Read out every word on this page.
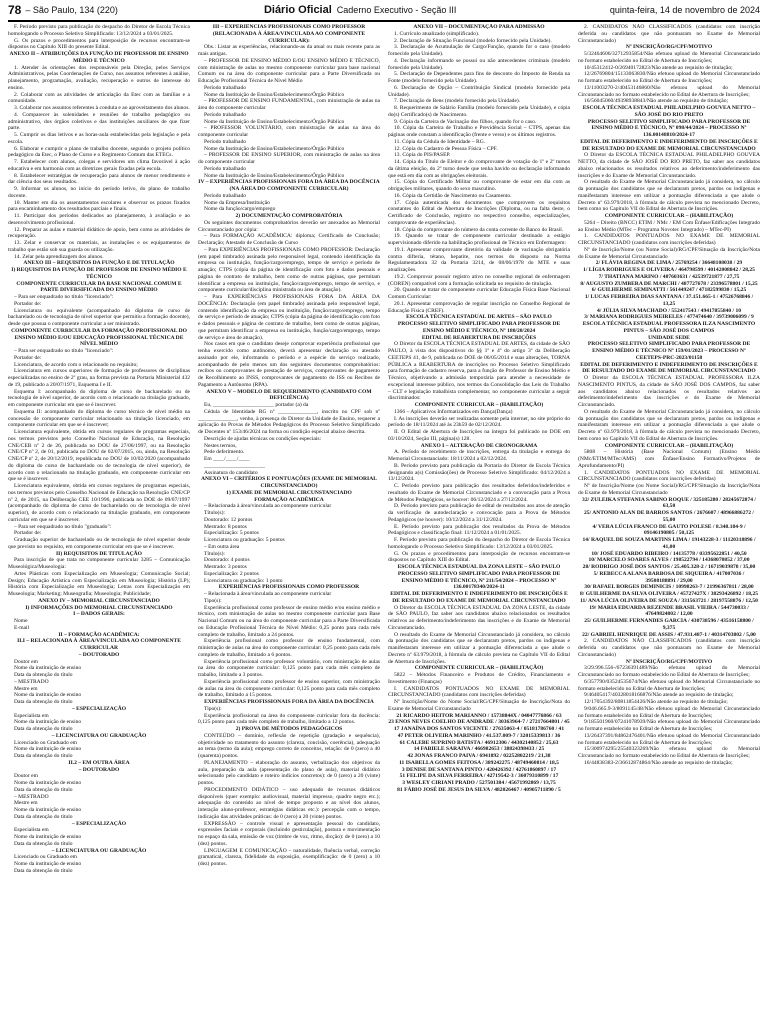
78 – São Paulo, 134 (220)	Diário Oficial Caderno Executivo - Seção III	quinta-feira, 14 de novembro de 2024

F. Período previsto para publicação do despacho do Diretor de Escola Técnica homologando o Processo Seletivo Simplificado: 13/12/2024 a 03/01/2025.

G. Os prazos e procedimentos para interposição de recursos encontram-se dispostos no Capítulo XIII do presente Edital.

ANEXO II – ATRIBUIÇÕES DA FUNÇÃO DE PROFESSOR DE ENSINO MÉDIO E TÉCNICO

1. Atender às orientações dos responsáveis pela Direção, pelos Serviços Administrativos, pelas Coordenações de Curso, nos assuntos referentes à análise, planejamento, programação, avaliação, recuperação e outros de interesse do ensino.

2. Colaborar com as atividades de articulação da Etec com as famílias e a comunidade.

3. Colaborar nos assuntos referentes à conduta e ao aproveitamento dos alunos.

4. Comparecer às solenidades e reuniões de trabalho pedagógico ou administrativo, dos órgãos coletivos e das instituições auxiliares de que fizer parte.

5. Cumprir os dias letivos e as horas-aula estabelecidas pela legislação e pela escola.

6. Elaborar e cumprir o plano de trabalho docente, segundo o projeto político pedagógico da Etec, o Plano de Curso e o Regimento Comum das ETECs.

7. Estabelecer com alunos, colegas e servidores um clima favorável à ação educativa e em harmonia com as diretrizes gerais fixadas pela escola.

8. Estabelecer estratégias de recuperação para alunos de menor rendimento e dar ciência dos seus resultados.

9. Informar os alunos, no início do período letivo, do plano de trabalho docente.

10. Manter em dia os assentamentos escolares e observar os prazos fixados para encaminhamento dos resultados parciais e finais.

11. Participar dos períodos dedicados ao planejamento, à avaliação e ao desenvolvimento profissional.

12. Preparar as aulas e material didático de apoio, bem como as atividades de recuperação.

13. Zelar e conservar os materiais, as instalações e os equipamentos de trabalho que estão sob sua guarda ou utilização.

14. Zelar pela aprendizagem dos alunos.

ANEXO III – REQUISITOS DA FUNÇÃO E DE TITULAÇÃO

I) REQUISITOS DA FUNÇÃO DE PROFESSOR DE ENSINO MÉDIO E TÉCNICO

COMPONENTE CURRICULAR DA BASE NACIONAL COMUM E PARTE DIVERSIFICADA DO ENSINO MÉDIO

– Para ser enquadrado no título "licenciado":

Portador de:

Licenciatura ou equivalente (acompanhado do diploma de curso de bacharelado ou de tecnologia de nível superior que permitiu a formação docente), desde que possua o componente curricular a ser ministrado.

COMPONENTE CURRICULAR DA FORMAÇÃO PROFISSIONAL DO ENSINO MÉDIO E/OU EDUCAÇÃO PROFISSIONAL TÉCNICA DE NÍVEL MÉDIO

– Para ser enquadrado no título "licenciado":

Portador de:

Licenciatura, de acordo com o relacionado no requisito;

Licenciatura em cursos superiores de formação de professores de disciplinas especializadas no ensino de 2º grau, na forma prevista na Portaria Ministerial 432 de 19, publicado a 20/07/1971, Esquema I e II.

Esquema I: acompanhado do diploma de curso de bacharelado ou de tecnologia de nível superior, de acordo com o relacionado na titulação graduado, em componente curricular em que se é inscrever.

Esquema II: acompanhado do diploma de curso técnico de nível médio na concessão de componente curricular relacionado na titulação licenciado, em componente curricular em que se é inscrever;

Licenciatura equivalente, obtida em cursos regulares de programas especiais, nos termos previstos pelo Conselho Nacional de Educação, na Resolução CNE/CEB nº 2 de 26, publicada no DOU de 27/06/1997, ou na Resolução CNE/CP nº 2, de 01, publicada no DOU de 02/07/2015, ou, ainda, na Resolução CNE/CP nº 2, de 20/12/2019, republicada no DOU de 10/02/2020 (acompanhado do diploma do curso de bacharelado ou de tecnologia de nível superior), de acordo com o relacionado na titulação graduado, em componente curricular em que se é inscrever.

Licenciatura equivalente, obtida em cursos regulares de programas especiais, nos termos previstos pelo Conselho Nacional de Educação na Resolução CNE/CP nº 2, de 2015, na Deliberação CEE 10/1996, publicada no DOE de 09/07/1997 (acompanhado do diploma de curso de bacharelado ou de tecnologia de nível superior), de acordo com o relacionado na titulação graduado, em componente curricular em que se é inscrever.

– Para ser enquadrado no título "graduado":

Portador de:

Graduação superior de bacharelado ou de tecnologia de nível superior desde que previsto no requisito, em componente curricular em que se é inscrever.

II) REQUISITOS DE TITULAÇÃO

Para inscrição de que trata no componente curricular 3285 – Comunicação Museológica/Museologia:

Artes Plásticas com Especialização em Museologia; Comunicação Social; Design; Educação Artística com Especialização em Museologia; História (LP); História com Especialização em Museologia; Letras com Especialização em Museologia; Marketing; Museografia; Museologia; Publicidade;

ANEXO IV – MEMORIAL CIRCUNSTANCIADO

I) INFORMAÇÕES DO MEMORIAL CIRCUNSTANCIADO

I – DADOS GERAIS:

Nome

E-mail

II – FORMAÇÃO ACADÊMICA:

II.I – RELACIONADA À ÁREA/VINCULADA AO COMPONENTE CURRICULAR

– DOUTORADO

Doutor em

Nome da instituição de ensino

Data da obtenção do título

– MESTRADO

Mestre em

Nome da instituição de ensino

Data da obtenção do título

– ESPECIALIZAÇÃO

Especialista em

Nome da instituição de ensino

Data da obtenção do título

– LICENCIATURA OU GRADUAÇÃO

Licenciado ou Graduado em

Nome da instituição de ensino

Data da obtenção do título

II.2 – EM OUTRA ÁREA

– DOUTORADO

Doutor em

Nome da instituição de ensino

Data da obtenção do título

– MESTRADO

Mestre em

Nome da instituição de ensino

Data da obtenção do título

– ESPECIALIZAÇÃO

Especialista em

Nome da instituição de ensino

Data da obtenção do título

– LICENCIATURA OU GRADUAÇÃO

Licenciado ou Graduado em

Nome da instituição de ensino

Data da obtenção do título

III – EXPERIÊNCIAS PROFISSIONAIS COMO PROFESSOR (RELACIONADA À ÁREA/VINCULADA AO COMPONENTE CURRICULAR):

Obs.: Listar as experiências, relacionando-as da atual ou mais recente para as mais antigas.

– PROFESSOR DE ENSINO MÉDIO E/OU ENSINO MÉDIO E TÉCNICO, com ministração de aulas no mesmo componente curricular para base nacional Comum ou na área do componente curricular para a Parte Diversificada ou Educação Profissional Técnica de Nível Médio

Período trabalhado

Nome da Instituição de Ensino/Estabelecimento/Órgão Público

– PROFESSOR DE ENSINO FUNDAMENTAL, com ministração de aulas na área do componente curricular

Período trabalhado

Nome da Instituição de Ensino/Estabelecimento/Órgão Público

– PROFESSOR VOLUNTÁRIO, com ministração de aulas na área do componente curricular

Período trabalhado

Nome da Instituição de Ensino/Estabelecimento/Órgão Público

– PROFESSOR DE ENSINO SUPERIOR, com ministração de aulas na área do componente curricular

Período trabalhado

Nome da Instituição de Ensino/Estabelecimento/Órgão Público

IV – EXPERIÊNCIAS PROFISSIONAIS FORA DA ÁREA DA DOCÊNCIA (NA ÁREA DO COMPONENTE CURRICULAR)

Período trabalhado

Nome da Empresa/Instituição

Nome da função/cargo/emprego

2) DOCUMENTAÇÃO COMPROBATÓRIA

Os seguintes documentos comprobatórios deverão ser anexados ao Memorial Circunstanciado por cópia:

– Para FORMAÇÃO ACADÊMICA: diploma; Certificado de Conclusão; Declaração; Atestado de Conclusão de Curso

– Para EXPERIÊNCIAS PROFISSIONAIS COMO PROFESSOR: Declaração (em papel timbrado) assinada pelo responsável legal, contendo identificação da empresa ou instituição, função/cargo/emprego, tempo de serviço e período de atuação; CTPS (cópia da página de identificação com foto e dados pessoais e página de contrato de trabalho, bem como de outras páginas, que permitam identificar a empresa ou instituição, função/cargo/emprego, tempo de serviço, e componente curricular/disciplina ministrada ou área de atuação).

– Para EXPERIÊNCIAS PROFISSIONAIS FORA DA ÁREA DA DOCÊNCIA: Declaração (em papel timbrado) assinada pelo responsável legal, contendo identificação da empresa ou instituição, função/cargo/emprego, tempo de serviço e período de atuação; CTPS (cópia da página de identificação com foto e dados pessoais e página de contrato de trabalho, bem como de outras páginas, que permitam identificar a empresa ou instituição, função/cargo/emprego, tempo de serviço e área de atuação).

Nos casos em que o candidato deseje comprovar experiência profissional que tenha exercido como autônomo, deverá apresentar declaração ou atestado assinado por ele, informando o período e a espécie do serviço realizado, acompanhado de pelo menos um dos seguintes documentos comprobatórios: recibos ou comprovantes de prestação de serviços, comprovantes de pagamento de Recolhimento ao INSS, comprovantes de pagamento do ISS ou Recibos de Pagamento a Autônomo (RPA).

ANEXO V – MODELO DE REQUERIMENTO (CANDIDATO COM DEFICIÊNCIA)

Eu, ______________________ portador (a) da

Cédula de Identidade RG nº ______________, inscrito no CPF sob nº ______________, venho, à presença do Diretor da Unidade de Ensino, requerer a aplicação do Provas de Métodos Pedagógicos do Processo Seletivo Simplificado de Docentes nº 153/46/2024 na forma ou condição especial abaixo descrita.

Descrição de ajudas técnicas ou condições especiais:

Nestes termos,

Pede deferimento.

Em ____/____/____

______________________

Assinatura do candidato

ANEXO VI – CRITÉRIOS E PONTUAÇÕES (EXAME DE MEMORIAL CIRCUNSTANCIADO)

1) EXAME DE MEMORIAL CIRCUNSTANCIADO

FORMAÇÃO ACADÊMICA

– Relacionada à área/vinculada ao componente curricular

Título(s):

Doutorado: 12 pontos

Mestrado: 8 pontos

Especialização: 5 pontos

Licenciatura ou graduação: 5 pontos

– Em outra área

Título(s):

Doutorado: 4 pontos

Mestrado: 3 pontos

Especialização: 2 pontos

Licenciatura ou graduação: 1 ponto

EXPERIÊNCIAS PROFISSIONAIS COMO PROFESSOR

– Relacionada à área/vinculada ao componente curricular

Tipo(s):

Experiência profissional como professor de ensino médio e/ou ensino médio e técnico, com ministração de aulas no mesmo componente curricular para Base Nacional Comum ou na área do componente curricular para a Parte Diversificada ou Educação Profissional Técnica de Nível Médio: 0,25 ponto para cada mês completo de trabalho, limitado a 24 pontos.

Experiência profissional como professor de ensino fundamental, com ministração de aulas na área do componente curricular: 0,25 ponto para cada mês completo de trabalho, limitado a 6 pontos.

Experiência profissional como professor voluntário, com ministração de aulas na área do componente curricular: 0,125 ponto para cada mês completo de trabalho, limitado a 3 pontos.

Experiência profissional como professor de ensino superior, com ministração de aulas na área do componente curricular: 0,125 ponto para cada mês completo de trabalho, limitado a 15 pontos.

EXPERIÊNCIAS PROFISSIONAIS FORA DA ÁREA DA DOCÊNCIA

Tipo(s):

Experiência profissional na área do componente curricular fora da docência: 0,125 ponto para cada mês completo de trabalho, limitado a 12 pontos.

2) PROVA DE MÉTODOS PEDAGÓGICOS

CONTEÚDO – domínio, reflexão de repetição (gradação e sequência), objetividade no tratamento do assunto (clareza, concisão, coerência), adequação ao tema (termo da aula); emprego correto de conceitos, relação: de 0 (zero) a 40 (quarenta) pontos.

PLANEJAMENTO – elaboração do assunto, verbalização dos objetivos da aula, preparação da aula (apresentação do plano de aula), material didático selecionado pelo candidato e roteiro indícios concretos): de 0 (zero) a 20 (vinte) pontos.

PROCEDIMENTO DIDÁTICO – uso adequado de recursos didáticos disponíveis (quer exemplo: audiovisual, material impresso, quadro negro etc.); adequação do conteúdo ao nível de tempo proposto e ao nível dos alunos, interação aluno-professor, estratégias didáticas etc.): percepção com o tempo, indicação das atividades práticas: de 0 (zero) a 20 (vinte) pontos.

EXPRESSÃO – controle visual e apresentação pessoal do candidato, expressões faciais e corporais (incluindo gesticulação), postura e movimentação no espaço da sala, emissão de voz (timbre de voz, ritmo, dicção): de 0 (zero) a 10 (dez) pontos.

LINGUAGEM E COMUNICAÇÃO – naturalidade, fluência verbal, correção gramatical, clareza, fidelidade da exposição, exemplificação: de 0 (zero) a 10 (dez) pontos.

ANEXO VII – DOCUMENTAÇÃO PARA ADMISSÃO

1. Currículo atualizado (simplificado).

2. Declaração de Situação Funcional (modelo fornecido pela Unidade).

3. Declaração de Acumulação de Cargo/Função, quando for o caso (modelo fornecido pela Unidade).

4. Declaração informando se possui ou não antecedentes criminais (modelo fornecido pela Unidade).

5. Declaração de Dependentes para fins de desconto do Imposto de Renda na Fonte (modelo fornecido pela Unidade).

6. Declaração de Opção – Contribuição Sindical (modelo fornecido pela Unidade).

7. Declaração de Bens (modelo fornecido pela Unidade).

8. Requerimento de Salário Família (modelo fornecido pela Unidade), e cópia do(s) Certificado(s) de Nascimento.

9. Cópia da Carteira de Vacinação dos filhos, quando for o caso.

10. Cópia da Carteira de Trabalho e Previdência Social – CTPS, apenas das páginas onde constam a identificação (frente e verso) e os últimos registros.

11. Cópia da Cédula de Identidade – RG.

12. Cópia do Cadastro de Pessoa Física – CPF.

13. Cópia do PIS/PASEP.

14. Cópia do Título de Eleitor e do comprovante de votação do 1º e 2º turnos da última eleição, do 2º turno desde que tenha havido ou declaração informando que está em dia com as obrigações eleitorais.

15. Cópia do Certificado Militar ou comprovante de estar em dia com as obrigações militares, quando do sexo masculino.

16. Cópia da Certidão de Nascimento ou Casamento.

17. Cópia autenticada dos documentos que comprovem os requisitos constantes do Edital de Abertura de Inscrições (Diploma, ou na falta deste, o Certificado de Conclusão, registro no respectivo conselho, especializações, comprovante de experiências).

18. Cópia do comprovante do número da conta corrente do Banco do Brasil.

19. Quando se tratar de componente curricular destinado a estágio supervisionado diferido na habilitação profissional de Técnico em Enfermagem:

19.1. Apresentar comprovante diretório da validade de vacinação obrigatória contra difteria, tétano, hepatite, nos termos do disposto na Norma Regulamentadora 32 da Portaria 3214, de 08/06/1978 do MTE e suas atualizações.

19.2. Comprovar possuir registro ativo no conselho regional de enfermagem (COREN) compatível com a formação solicitada no requisito de titulação.

20. Quando se tratar do componente curricular Educação Física Base Nacional Comum Curricular:

20.1. Apresentar comprovação de regular inscrição no Conselho Regional de Educação Física (CREF).

ESCOLA TÉCNICA ESTADUAL DE ARTES – SÃO PAULO

PROCESSO SELETIVO SIMPLIFICADO PARA PROFESSOR DE ENSINO MÉDIO E TÉCNICO, Nº 180/20/2024

EDITAL DE REABERTURA DE INSCRIÇÕES

O Diretor da ESCOLA TÉCNICA ESTADUAL DE ARTES, da cidade de SÃO PAULO, à vista dos dispositivos do §§ 1º e 4º do artigo 3º da Deliberação CEETEPS 41, de 9, publicada no DOE de 06/05/2014 e suas alterações, TORNA PÚBLICA a REABERTURA de inscrições no Processo Seletivo Simplificado para formação de cadastro reserva, para a função de Professor de Ensino Médio e Técnico, objetivando a admissão temporária para atender a necessidade de excepcional interesse público, nos termos da Consolidação das Leis do Trabalho – CLT e legislação trabalhista complementar, no componente curricular a seguir discriminados:

COMPONENTE CURRICULAR – (HABILITAÇÃO)

1366 – Aplicativos Informatizados em Dança(Dança)

I. As inscrições deverão ser realizadas somente pela internet, no site próprio do período de 18/11/2024 até às 23h59 de 02/12/2024.

II. O Edital de Abertura de Inscrições na íntegra foi publicado no DOE em 03/10/2024, Seção III, página(s) 128.

ANEXO I – ALTERAÇÃO DE CRONOGRAMA

A. Período de recebimento de inscrições, entrega da titulação e entrega do Memorial Circunstanciado: 18/11/2024 a 02/12/2024.

B. Período previsto para publicação da Portaria do Diretor de Escola Técnica designando a(s) Comissão(ões) de Processo Seletivo Simplificado: 04/12/2024 a 13/12/2024.

C. Período previsto para publicação dos resultados deferidos/indeferidos e resultado do Exame de Memorial Circunstanciado e a convocação para a Prova de Métodos Pedagógicos, se houver: 06/12/2024 a 27/12/2024.

D. Período previsto para publicação de edital de resultados aos atos de atenção da verificação de autodeclaração e convocação para a Prova de Métodos Pedagógicos (se houver): 10/12/2024 a 31/12/2024.

E. Período previsto para publicação dos resultados da Prova de Métodos Pedagógicos e classificação final: 11/12/2024 a 01/01/2025.

F. Período previsto para publicação do despacho do Diretor de Escola Técnica homologando o Processo Seletivo Simplificado: 13/12/2024 a 03/01/2025.

G. Os prazos e procedimentos para interposição de recursos encontram-se dispostos no Capítulo XIII do Edital.

ESCOLA TÉCNICA ESTADUAL DA ZONA LESTE – SÃO PAULO

PROCESSO SELETIVO SIMPLIFICADO PARA PROFESSOR DE ENSINO MÉDIO E TÉCNICO, Nº 211/54/2024 – PROCESSO Nº 136.00178340/2024-11

EDITAL DE DEFERIMENTO E INDEFERIMENTO DE INSCRIÇÕES E DE RESULTADO DO EXAME DE MEMORIAL CIRCUNSTANCIADO

O Diretor da ESCOLA TÉCNICA ESTADUAL DA ZONA LESTE, da cidade de SÃO PAULO, faz saber aos candidatos abaixo relacionados os resultados relativos ao deferimento/indeferimento das inscrições e do Exame de Memorial Circunstanciado.

O resultado do Exame de Memorial Circunstanciado já considera, no cálculo da pontuação dos candidatos que se declararam pretos, pardos ou indígenas e manifestaram interesse em utilizar a pontuação diferenciada a que alude o Decreto nº 63.979/2018, à fórmula de cálculo prevista no Capítulo VII do Edital de Abertura de Inscrições.

COMPONENTE CURRICULAR – (HABILITAÇÃO)

5822 – Métodos Financeiro e Produtos de Crédito, Financiamento e Investimento (Finanças)

I. CANDIDATOS PONTUADOS NO EXAME DE MEMORIAL CIRCUNSTANCIADO (candidatos com inscrições deferidas)

Nº Inscrição/Nome do Nome Social/RG/CPF/Situação de Inscrição/Nota do Exame de Memorial Circunstanciado

21 RICARDO HEITOR MARIANNO / 15738844X / 04047776866 / 63

23 ENOS NEVES COELHO DE ANDRADE / 30363964-7 / 27217664801 / 45

17 JANAÍNA DOS SANTOS VICENTE / 27635063-4 / 05181786760 / 41

47 PETER OLIVEIRA MARINHO / 41.537.009-7 / 32015339813 / 36

61 CALEBE SUPRINO BATISTA / 46912306 / 44302140852 / 25,63

14 FABIELE SARAIVA / 466982653 / 38824398433 / 25

42 JONAS FRANCO PAIVA / 6941892 / 02252802219 / 21,38

11 ISABELLA GOMES FEITOSA / 389242275 / 48749460814 / 18,5

3 DENISE DE SANTANA PINTO / 420426392 / 42761860897 / 17

51 FELIPE DA SILVA FERREIRA / 42719542-3 / 36079310899 / 17

3 WESLEY CIRIANI PRADO / 527501384 / 45671992869 / 13,75

81 FÁBIO JOSÉ DE JESUS DA SILVA / 482026467 / 40905711890 / 5

2. CANDIDATOS NÃO CLASSIFICADOS (candidatos com inscrição deferida ou candidatos que não pontuaram no Exame de Memorial Circunstanciado)

Nº INSCRIÇÃO/RG/CPF/MOTIVO

5/32464606/32712935854/Não efetuou upload do Memorial Circunstanciado no formato estabelecido no Edital de Abertura de Inscrições;

10/45312412-0/26940172823/Não atende ao requisito de titulação;

12/26769804/15133063830/Não efetuou upload do Memorial Circunstanciado no formato estabelecido no Edital de Abertura de Inscrições;

13/11003270-2/40453146860/Não efetuou upload do Memorial Circunstanciado no formato estabelecido no Edital de Abertura de Inscrições;

16/56045060/49398938843/Não atende ao requisito de titulação;

ESCOLA TÉCNICA ESTADUAL PHILADELPHO GOUVEA NETTO – SÃO JOSÉ DO RIO PRETO

PROCESSO SELETIVO SIMPLIFICADO PARA PROFESSOR DE ENSINO MÉDIO E TÉCNICO, Nº 098/44/2024 – PROCESSO Nº 136.00148810/2024-17

EDITAL DE DEFERIMENTO E INDEFERIMENTO DE INSCRIÇÕES E DE RESULTADO DO EXAME DE MEMORIAL CIRCUNSTANCIADO

O Diretor da ESCOLA TÉCNICA ESTADUAL PHILADELPHO GOUVEA NETTO, da cidade de SÃO JOSÉ DO RIO PRETO, faz saber aos candidatos abaixo relacionados os resultados relativos ao deferimento/indeferimento das inscrições e do Exame de Memorial Circunstanciado.

O resultado do Exame de Memorial Circunstanciado já considera, no cálculo da pontuação dos candidatos que se declararam pretos, pardos ou indígenas e manifestaram interesse em utilizar a pontuação diferenciada a que alude o Decreto nº 63.979/2018, à fórmula de cálculo prevista no mencionado Decreto, bem como no Capítulo VII do Edital de Abertura de Inscrições.

COMPONENTE CURRICULAR – (HABILITAÇÃO)

5264 – Direito (BNCC) ETIM / NMc / EM Com Ênfase/Edificações Integrado ao Ensino Médio (MTec – Programa Novotec Integrado) – MTec-PI)

1. CANDIDATOS PONTUADOS NO EXAME DE MEMORIAL CIRCUNSTANCIADO (candidatos com inscrições deferidas)

Nº de Inscrição/Nome (ou Nome Social)/RG/CPF/Situação da Inscrição/Nota do Exame de Memorial Circunstanciado

2/ FLÁVIA REGINA DE LIMA / 25769254 / 36648108038 / 29

1/ LÍGIA RODRIGUES E OLIVEIRA / 464798599 / 40142008842 / 28,25

7/ THATIANA MARINO / 487603631 / 42539721877 / 27,75

8/ AUGUSTO ZUMBERA DE MARCHI / 487727678 / 23396578801 / 15,25

6/ GUILHERME SEMINATTI / 561449247 / 47182599830 / 15,25

1/ LUCAS FERREIRA DIAS SANTANA / 37.151.665-1 / 47526768846 / 13,25

4/ JÚLIA SILVA MACHADO / 552417543 / 49417855840 / 10

3/ MARIANA RODRIGUES MEIRELES / 477474640 / 39739006099 / 9

ESCOLA TÉCNICA ESTADUAL PROFESSORA ILZA NASCIMENTO PINTUS – SÃO JOSÉ DOS CAMPOS

UNIDADE SEDE

PROCESSO SELETIVO SIMPLIFICADO PARA PROFESSOR DE ENSINO MÉDIO E TÉCNICO Nº 159/01/2023 – PROCESSO Nº CEETEPS-PRC-2023/01158

EDITAL DE DEFERIMENTO E INDEFERIMENTO DE INSCRIÇÕES E DE RESULTADO DO EXAME DE MEMORIAL CIRCUNSTANCIADO

O Diretor da ESCOLA TÉCNICA ESTADUAL PROFESSORA ILZA NASCIMENTO PINTUS, da cidade de SÃO JOSÉ DOS CAMPOS, faz saber aos candidatos abaixo relacionados os resultados relativos ao deferimento/indeferimento das inscrições e do Exame de Memorial Circunstanciado.

O resultado do Exame de Memorial Circunstanciado já considera, no cálculo da pontuação dos candidatos que se declararam pretos, pardos ou indígenas e manifestaram interesse em utilizar a pontuação diferenciada a que alude o Decreto nº 63.979/2018, à fórmula de cálculo prevista no mencionado Decreto, bem como no Capítulo VII do Edital de Abertura de Inscrições.

COMPONENTE CURRICULAR – (HABILITAÇÃO)

5808 – História (Base Nacional Comum) (Ensino Médio (NMc/ETIM/MTec/AMS) com Ênfase/Ensino Formativo/Projetos de Aprofundamento/PI)

1. CANDIDATOS PONTUADOS NO EXAME DE MEMORIAL CIRCUNSTANCIADO (candidatos com inscrições deferidas)

Nº de Inscrição/Nome (ou Nome Social)/RG/CPF/Situação da Inscrição/Nota do Exame de Memorial Circunstanciado

32/ ZULEIKA STEFANIA SABINO ROQUE / 325185280 / 28245672874 / 63,50

25/ ANTONIO ALAN DE BARROS SANTOS / 2676607 / 48966886272 / 55,00

4/ VERA LÚCIA FRANCO DE GAUTO POLESE / 8.348.184-9 / 09146190805 / 50,125

14/ RAQUEL DE SOUZA MARTINS LIMA / 19143228-3 / 11120318896 / 41,00

10/ JOSÉ EDUARDO RIBEIRO / 14135778 / 03395622851 / 40,50

10/ MARCELO SOARES ALVES / 198522794 / 14368070852 / 37,00

28/ RODRIGO JOSÉ DOS SANTOS / 25.405.328-2 / 16719039878 / 35,00

5/ REBECCA ALANA BARBOSA DE SIQUEIRA / 417007036 / 39508188891 / 29,00

30/ RAFAEL BORGES DEMINICIS / 10998263-7 / 21996367811 / 28,00

8/ GUILHERME DA SILVA OLIVEIRA / 45727427X / 38293426892 / 18,25

11/ ANA LÚCIA OLIVEIRA DE SOUZA / 331563721 / 28197558876 / 12,50

19/ MARIA EDUARDA REZENDE BRASIL VIEIRA / 544730033 / 47649824802 / 12,00

25/ GUILHERME FERNANDES GARCIA / 430738596 / 43516158800 / 9,375

22/ GABRIEL HENRIQUE DE ASSIS / 47.931.487-1 / 40314703802 / 5,00

2. CANDIDATOS NÃO CLASSIFICADOS (candidatos com inscrição deferida ou candidatos que não pontuaram no Exame de Memorial Circunstanciado)

Nº INSCRIÇÃO/RG/CPF/MOTIVO

3/29.996.556-/67236391489/Não efetuou upload do Memorial Circunstanciado no formato estabelecido no Edital de Abertura de Inscrições;

6/357790/03524535674/Não efetuou upload do Memorial Circunstanciado no formato estabelecido no Edital de Abertura de Inscrições;

9/46405417/40328018166876/Não atende ao requisito de titulação;

12/17054392/80811854426/Não atende ao requisito de titulação;

9/046.665.9-3/8091145/48/Não efetuou upload do Memorial Circunstanciado no formato estabelecido no Edital de Abertura de Inscrições;

9/185501960/07241078939/Não efetuou upload do Memorial Circunstanciado no formato estabelecido no Edital de Abertura de Inscrições;

13/26437391/84862476401/Não efetuou upload do Memorial Circunstanciado no formato estabelecido no Edital de Abertura de Inscrições;

15/300974295/25540323269/Não efetuou upload do Memorial Circunstanciado no formato estabelecido no Edital de Abertura de Inscrições;

16/44838383-2/36612874864/Não atende ao requisito de titulação;
